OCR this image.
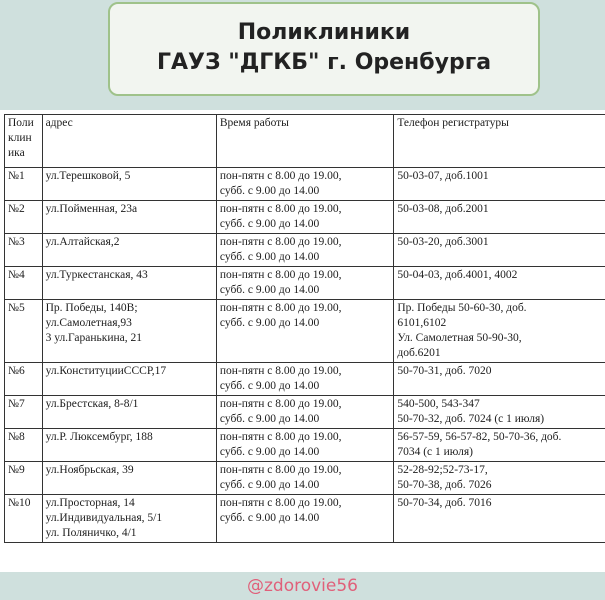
Поликлиники
ГАУЗ "ДГКБ" г. Оренбурга
Поли
клин
ика	адрес	Время работы	Телефон регистратуры
№1	ул.Терешковой, 5	пон-пятн с 8.00 до 19.00,
субб. с 9.00 до 14.00	50-03-07, доб.1001

№2	ул.Пойменная, 23а	пон-пятн с 8.00 до 19.00,
субб. с 9.00 до 14.00	50-03-08, доб.2001

№3	ул.Алтайская,2	пон-пятн с 8.00 до 19.00,
субб. с 9.00 до 14.00	50-03-20, доб.3001

№4	ул.Туркестанская, 43	пон-пятн с 8.00 до 19.00,
субб. с 9.00 до 14.00	50-04-03, доб.4001, 4002

№5	Пр. Победы, 140В;
ул.Самолетная,93
3 ул.Гаранькина, 21	пон-пятн с 8.00 до 19.00,
субб. с 9.00 до 14.00	Пр. Победы 50-60-30, доб.
6101,6102
Ул. Самолетная 50-90-30,
доб.6201

№6	ул.КонституцииСССР,17	пон-пятн с 8.00 до 19.00,
субб. с 9.00 до 14.00	50-70-31, доб. 7020

№7	ул.Брестская, 8-8/1	пон-пятн с 8.00 до 19.00,
субб. с 9.00 до 14.00	540-500, 543-347
50-70-32, доб. 7024 (с 1 июля)

№8	ул.Р. Люксембург, 188	пон-пятн с 8.00 до 19.00,
субб. с 9.00 до 14.00	56-57-59, 56-57-82, 50-70-36, доб.
7034 (с 1 июля)

№9	ул.Ноябрьская, 39	пон-пятн с 8.00 до 19.00,
субб. с 9.00 до 14.00	52-28-92;52-73-17,
50-70-38, доб. 7026

№10	ул.Просторная, 14
ул.Индивидуальная, 5/1
ул. Поляничко, 4/1	пон-пятн с 8.00 до 19.00,
субб. с 9.00 до 14.00	50-70-34, доб. 7016
@zdorovie56
